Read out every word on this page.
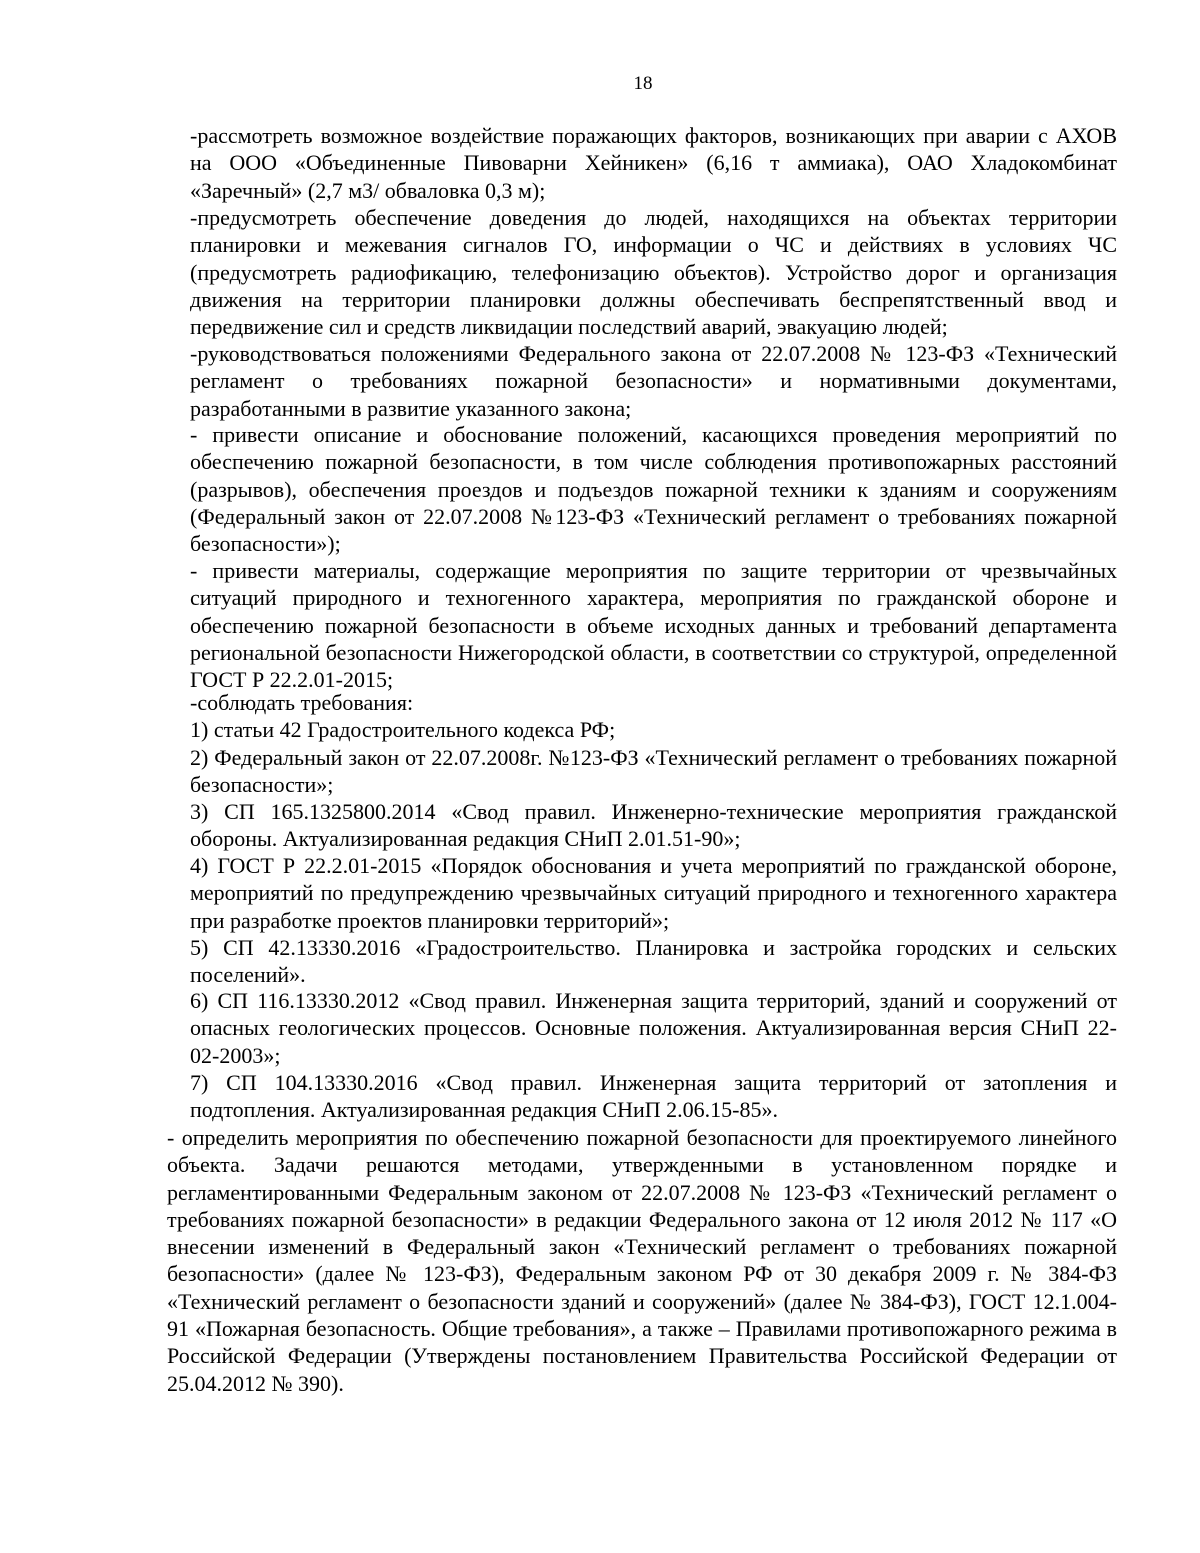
18

-рассмотреть возможное воздействие поражающих факторов, возникающих при аварии с АХОВ на ООО «Объединенные Пивоварни Хейникен» (6,16 т аммиака), ОАО Хладокомбинат «Заречный» (2,7 м3/ обваловка 0,3 м);

-предусмотреть обеспечение доведения до людей, находящихся на объектах территории планировки и межевания сигналов ГО, информации о ЧС и действиях в условиях ЧС (предусмотреть радиофикацию, телефонизацию объектов). Устройство дорог и организация движения на территории планировки должны обеспечивать беспрепятственный ввод и передвижение сил и средств ликвидации последствий аварий, эвакуацию людей;

-руководствоваться положениями Федерального закона от 22.07.2008 № 123-ФЗ «Технический регламент о требованиях пожарной безопасности» и нормативными документами, разработанными в развитие указанного закона;

- привести описание и обоснование положений, касающихся проведения мероприятий по обеспечению пожарной безопасности, в том числе соблюдения противопожарных расстояний (разрывов), обеспечения проездов и подъездов пожарной техники к зданиям и сооружениям (Федеральный закон от 22.07.2008 №123-ФЗ «Технический регламент о требованиях пожарной безопасности»);

- привести материалы, содержащие мероприятия по защите территории от чрезвычайных ситуаций природного и техногенного характера, мероприятия по гражданской обороне и обеспечению пожарной безопасности в объеме исходных данных и требований департамента региональной безопасности Нижегородской области, в соответствии со структурой, определенной ГОСТ Р 22.2.01-2015;

-соблюдать требования:

1) статьи 42 Градостроительного кодекса РФ;

2) Федеральный закон от 22.07.2008г. №123-ФЗ «Технический регламент о требованиях пожарной безопасности»;

3) СП 165.1325800.2014 «Свод правил. Инженерно-технические мероприятия гражданской обороны. Актуализированная редакция СНиП 2.01.51-90»;

4) ГОСТ Р 22.2.01-2015 «Порядок обоснования и учета мероприятий по гражданской обороне, мероприятий по предупреждению чрезвычайных ситуаций природного и техногенного характера при разработке проектов планировки территорий»;

5) СП 42.13330.2016 «Градостроительство. Планировка и застройка городских и сельских поселений».

6) СП 116.13330.2012 «Свод правил. Инженерная защита территорий, зданий и сооружений от опасных геологических процессов. Основные положения. Актуализированная версия СНиП 22-02-2003»;

7) СП 104.13330.2016 «Свод правил. Инженерная защита территорий от затопления и подтопления. Актуализированная редакция СНиП 2.06.15-85».

- определить мероприятия по обеспечению пожарной безопасности для проектируемого линейного объекта. Задачи решаются методами, утвержденными в установленном порядке и регламентированными Федеральным законом от 22.07.2008 № 123-ФЗ «Технический регламент о требованиях пожарной безопасности» в редакции Федерального закона от 12 июля 2012 № 117 «О внесении изменений в Федеральный закон «Технический регламент о требованиях пожарной безопасности» (далее № 123-ФЗ), Федеральным законом РФ от 30 декабря 2009 г. № 384-ФЗ «Технический регламент о безопасности зданий и сооружений» (далее № 384-ФЗ), ГОСТ 12.1.004-91 «Пожарная безопасность. Общие требования», а также – Правилами противопожарного режима в Российской Федерации (Утверждены постановлением Правительства Российской Федерации от 25.04.2012 № 390).
